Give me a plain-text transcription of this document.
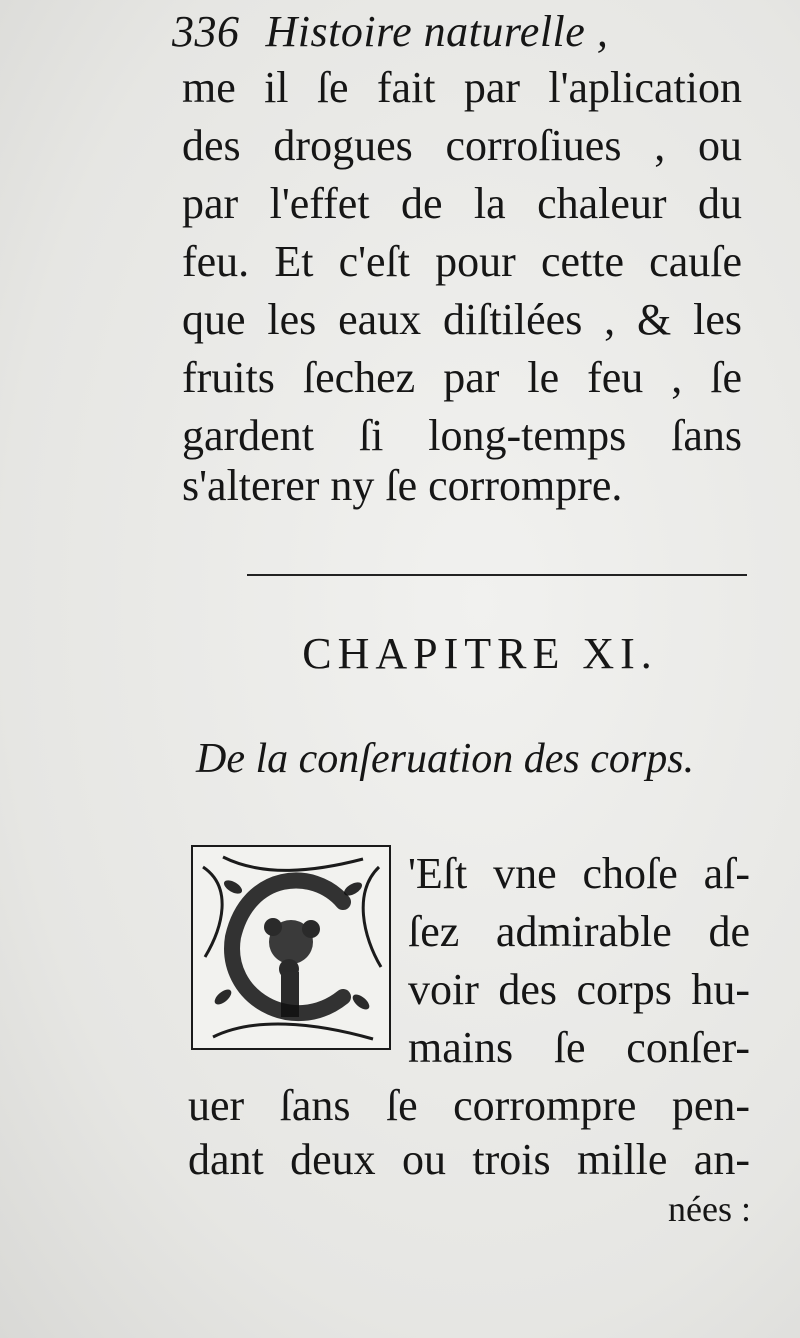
336 Histoire naturelle ,
me il ſe fait par l'aplication
des drogues corroſiues , ou
par l'effet de la chaleur du
feu. Et c'eſt pour cette cauſe
que les eaux diſtilées , & les
fruits ſechez par le feu , ſe
gardent ſi long-temps ſans
s'alterer ny ſe corrompre.
CHAPITRE XI.
De la conſeruation des corps.
'Eſt vne choſe aſ-
ſez admirable de
voir des corps hu-
mains ſe conſer-
uer ſans ſe corrompre pen-
dant deux ou trois mille an-
nées :
